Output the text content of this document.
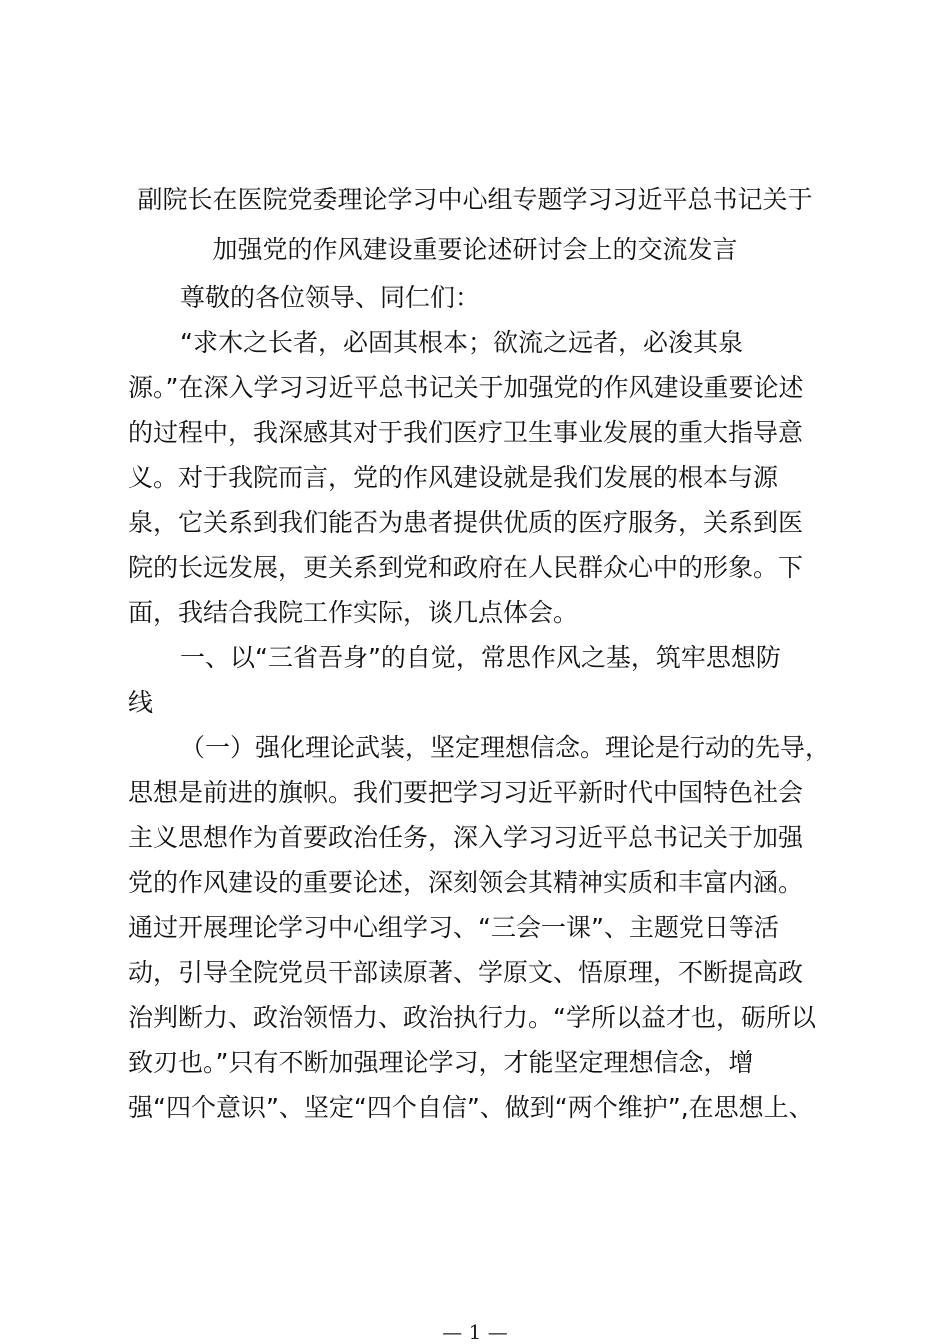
副院长在医院党委理论学习中心组专题学习习近平总书记关于
加强党的作风建设重要论述研讨会上的交流发言
尊敬的各位领导、同仁们：
“求木之长者，必固其根本；欲流之远者，必浚其泉
源。”在深入学习习近平总书记关于加强党的作风建设重要论述
的过程中，我深感其对于我们医疗卫生事业发展的重大指导意
义。对于我院而言，党的作风建设就是我们发展的根本与源
泉，它关系到我们能否为患者提供优质的医疗服务，关系到医
院的长远发展，更关系到党和政府在人民群众心中的形象。下
面，我结合我院工作实际，谈几点体会。
一、以“三省吾身”的自觉，常思作风之基，筑牢思想防
线
（一）强化理论武装，坚定理想信念。理论是行动的先导，
思想是前进的旗帜。我们要把学习习近平新时代中国特色社会
主义思想作为首要政治任务，深入学习习近平总书记关于加强
党的作风建设的重要论述，深刻领会其精神实质和丰富内涵。
通过开展理论学习中心组学习、“三会一课”、主题党日等活
动，引导全院党员干部读原著、学原文、悟原理，不断提高政
治判断力、政治领悟力、政治执行力。“学所以益才也，砺所以
致刃也。”只有不断加强理论学习，才能坚定理想信念，增
强“四个意识”、坚定“四个自信”、做到“两个维护”,在思想上、
— 1 —
